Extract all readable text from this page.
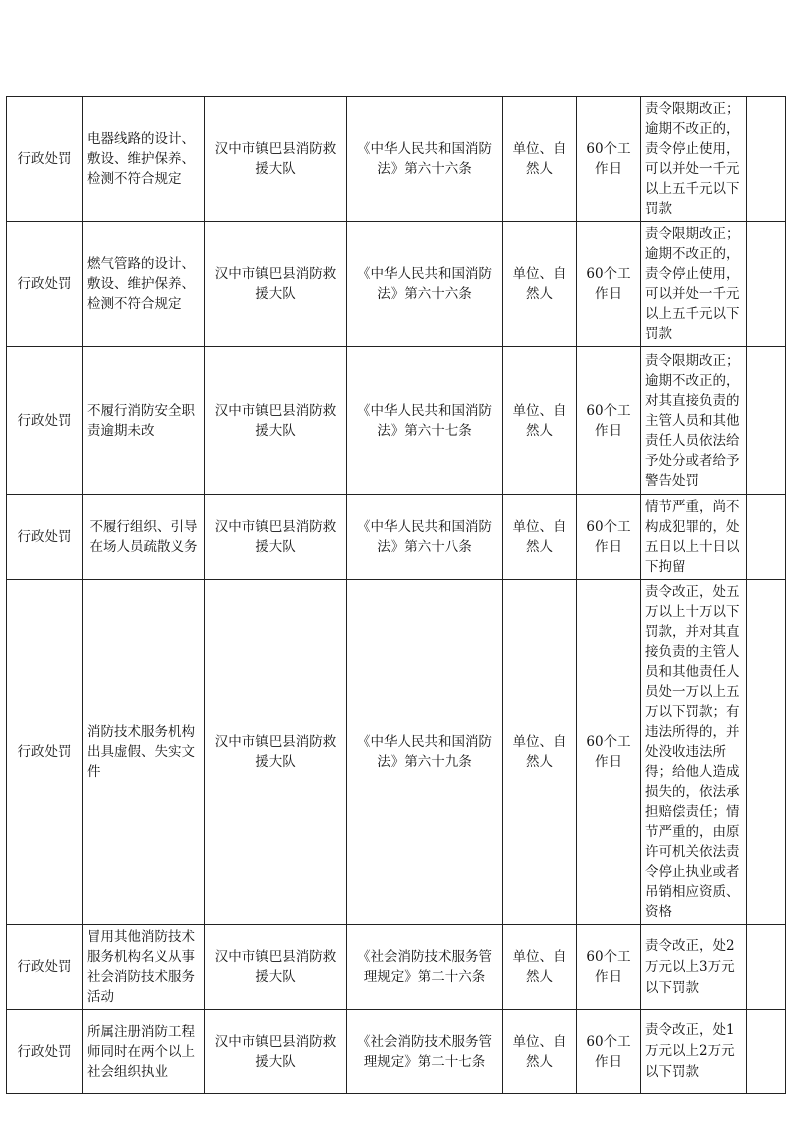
行政处罚	电器线路的设计、敷设、维护保养、检测不符合规定	汉中市镇巴县消防救援大队	《中华人民共和国消防法》第六十六条	单位、自然人	60个工作日	责令限期改正；逾期不改正的，责令停止使用，可以并处一千元以上五千元以下罚款	
行政处罚	燃气管路的设计、敷设、维护保养、检测不符合规定	汉中市镇巴县消防救援大队	《中华人民共和国消防法》第六十六条	单位、自然人	60个工作日	责令限期改正；逾期不改正的，责令停止使用，可以并处一千元以上五千元以下罚款	
行政处罚	不履行消防安全职责逾期未改	汉中市镇巴县消防救援大队	《中华人民共和国消防法》第六十七条	单位、自然人	60个工作日	责令限期改正；逾期不改正的，对其直接负责的主管人员和其他责任人员依法给予处分或者给予警告处罚	
行政处罚	不履行组织、引导在场人员疏散义务	汉中市镇巴县消防救援大队	《中华人民共和国消防法》第六十八条	单位、自然人	60个工作日	情节严重，尚不构成犯罪的，处五日以上十日以下拘留	
行政处罚	消防技术服务机构出具虚假、失实文件	汉中市镇巴县消防救援大队	《中华人民共和国消防法》第六十九条	单位、自然人	60个工作日	责令改正，处五万以上十万以下罚款，并对其直接负责的主管人员和其他责任人员处一万以上五万以下罚款；有违法所得的，并处没收违法所得；给他人造成损失的，依法承担赔偿责任；情节严重的，由原许可机关依法责令停止执业或者吊销相应资质、资格	
行政处罚	冒用其他消防技术服务机构名义从事社会消防技术服务活动	汉中市镇巴县消防救援大队	《社会消防技术服务管理规定》第二十六条	单位、自然人	60个工作日	责令改正，处2万元以上3万元以下罚款	
行政处罚	所属注册消防工程师同时在两个以上社会组织执业	汉中市镇巴县消防救援大队	《社会消防技术服务管理规定》第二十七条	单位、自然人	60个工作日	责令改正，处1万元以上2万元以下罚款	
